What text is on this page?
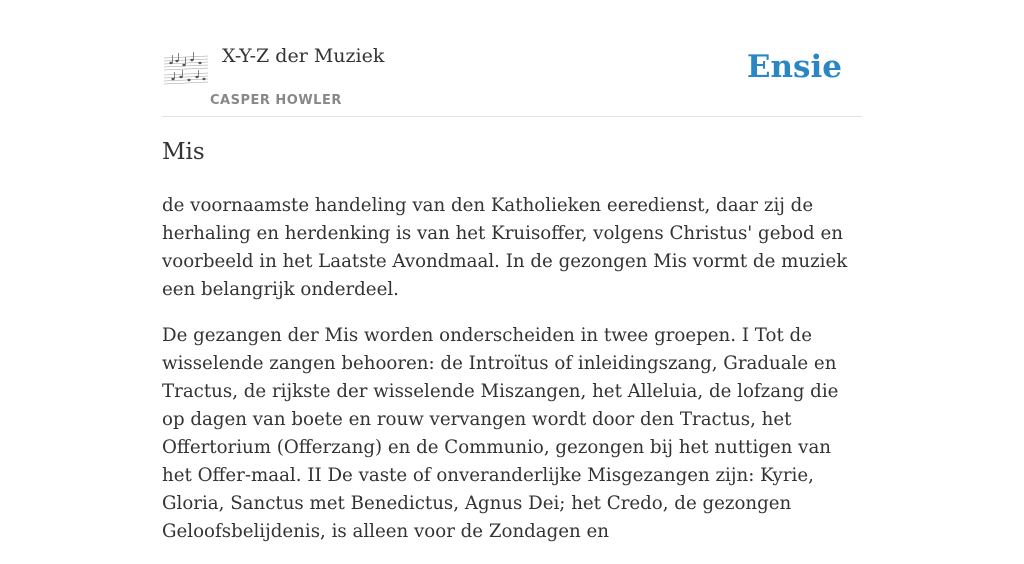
X-Y-Z der Muziek
CASPER HOWLER
Ensie
Mis

de voornaamste handeling van den Katholieken eeredienst, daar zij de herhaling en herdenking is van het Kruisoffer, volgens Christus' gebod en voorbeeld in het Laatste Avondmaal. In de gezongen Mis vormt de muziek een belangrijk onderdeel.

De gezangen der Mis worden onderscheiden in twee groepen. I Tot de wisselende zangen behooren: de Introïtus of inleidingszang, Graduale en Tractus, de rijkste der wisselende Miszangen, het Alleluia, de lofzang die op dagen van boete en rouw vervangen wordt door den Tractus, het Offertorium (Offerzang) en de Communio, gezongen bij het nuttigen van het Offer-maal. II De vaste of onveranderlijke Misgezangen zijn: Kyrie, Gloria, Sanctus met Benedictus, Agnus Dei; het Credo, de gezongen Geloofsbelijdenis, is alleen voor de Zondagen en
